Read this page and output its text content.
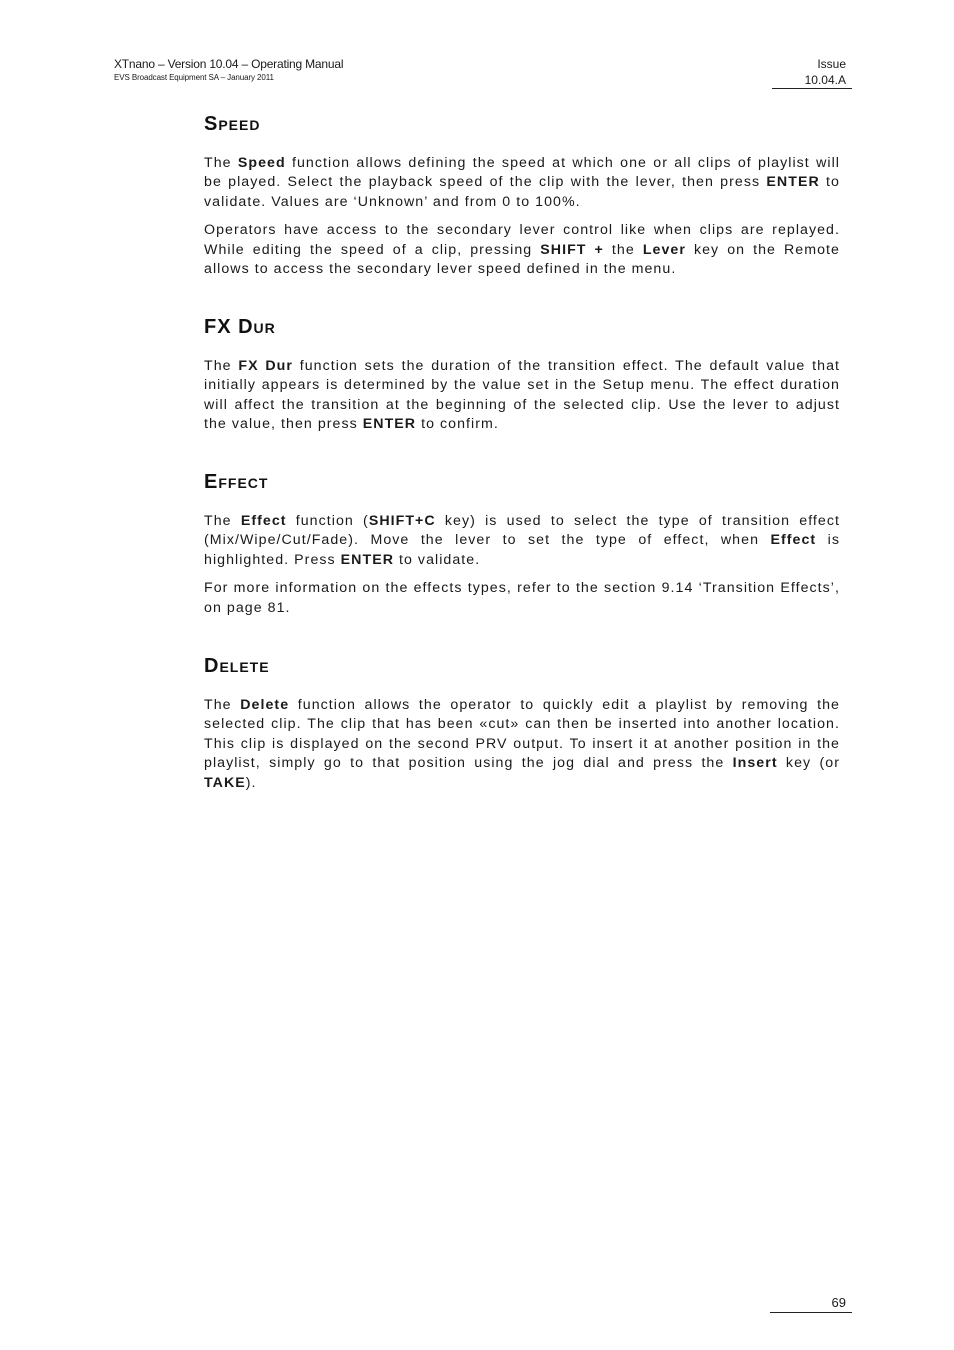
XTnano – Version 10.04 – Operating Manual
EVS Broadcast Equipment SA – January 2011
Issue
10.04.A
Speed

The Speed function allows defining the speed at which one or all clips of playlist will be played. Select the playback speed of the clip with the lever, then press ENTER to validate. Values are ‘Unknown’ and from 0 to 100%.

Operators have access to the secondary lever control like when clips are replayed. While editing the speed of a clip, pressing SHIFT + the Lever key on the Remote allows to access the secondary lever speed defined in the menu.

FX Dur

The FX Dur function sets the duration of the transition effect. The default value that initially appears is determined by the value set in the Setup menu. The effect duration will affect the transition at the beginning of the selected clip. Use the lever to adjust the value, then press ENTER to confirm.

Effect

The Effect function (SHIFT+C key) is used to select the type of transition effect (Mix/Wipe/Cut/Fade). Move the lever to set the type of effect, when Effect is highlighted. Press ENTER to validate.

For more information on the effects types, refer to the section 9.14 ‘Transition Effects’, on page 81.

Delete

The Delete function allows the operator to quickly edit a playlist by removing the selected clip. The clip that has been «cut» can then be inserted into another location. This clip is displayed on the second PRV output. To insert it at another position in the playlist, simply go to that position using the jog dial and press the Insert key (or TAKE).

69
